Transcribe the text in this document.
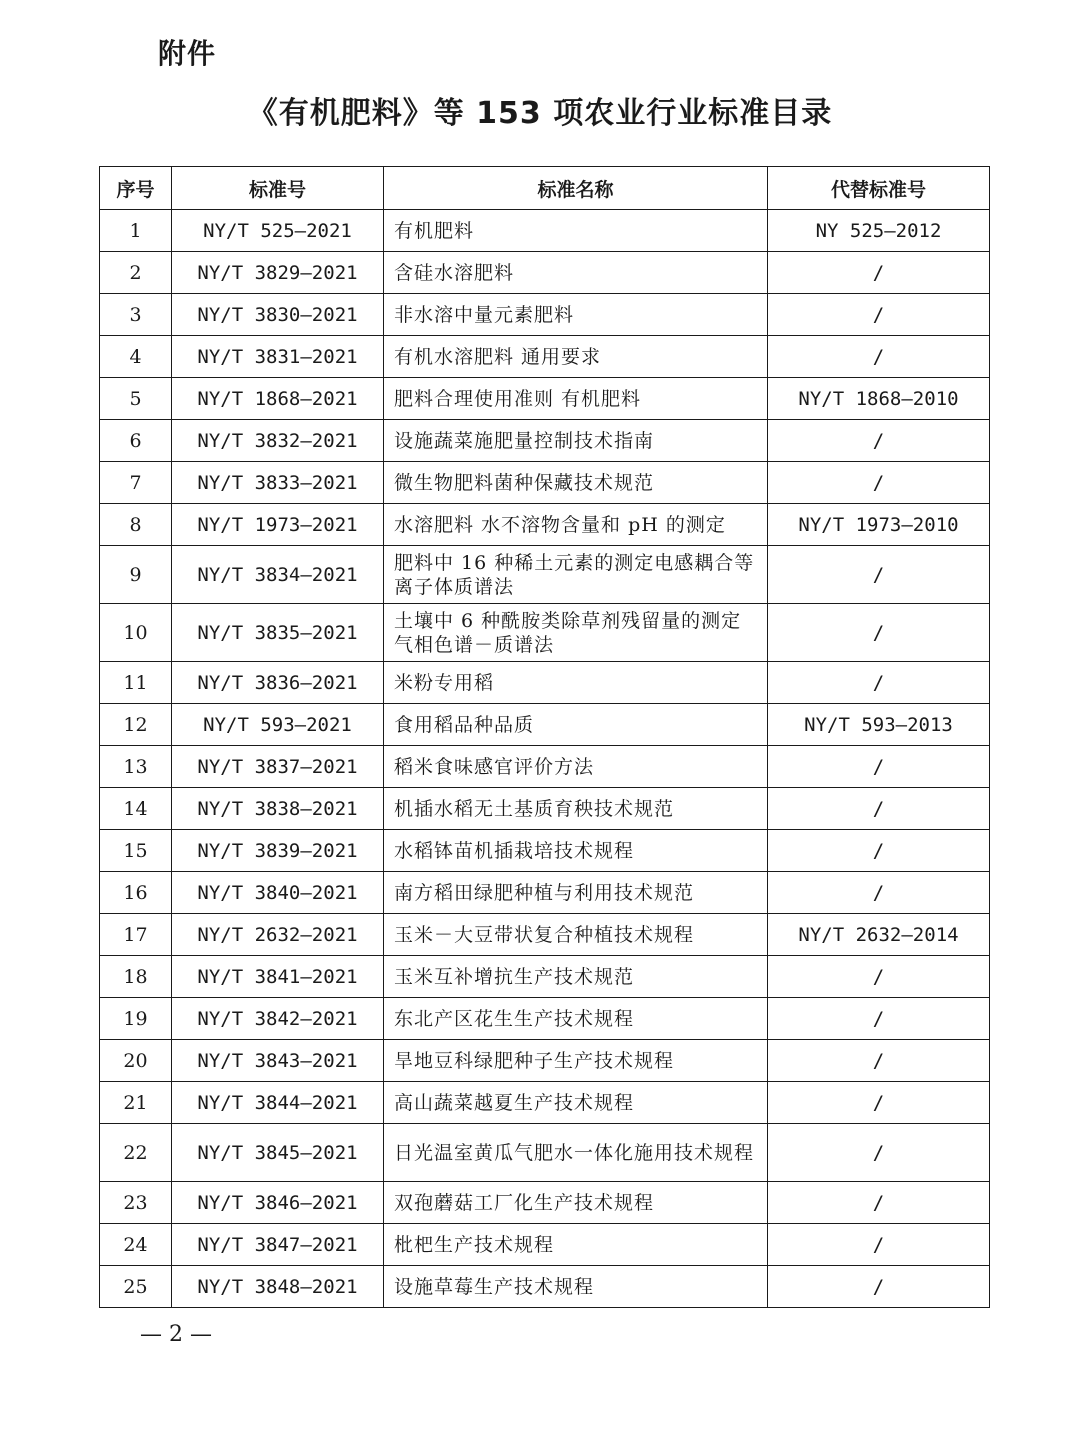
附件
《有机肥料》等 153 项农业行业标准目录
序号	标准号	标准名称	代替标准号
1	NY/T 525—2021	有机肥料	NY 525—2012
2	NY/T 3829—2021	含硅水溶肥料	/
3	NY/T 3830—2021	非水溶中量元素肥料	/
4	NY/T 3831—2021	有机水溶肥料 通用要求	/
5	NY/T 1868—2021	肥料合理使用准则 有机肥料	NY/T 1868—2010
6	NY/T 3832—2021	设施蔬菜施肥量控制技术指南	/
7	NY/T 3833—2021	微生物肥料菌种保藏技术规范	/
8	NY/T 1973—2021	水溶肥料 水不溶物含量和 pH 的测定	NY/T 1973—2010
9	NY/T 3834—2021	肥料中 16 种稀土元素的测定电感耦合等离子体质谱法	/
10	NY/T 3835—2021	土壤中 6 种酰胺类除草剂残留量的测定 气相色谱－质谱法	/
11	NY/T 3836—2021	米粉专用稻	/
12	NY/T 593—2021	食用稻品种品质	NY/T 593—2013
13	NY/T 3837—2021	稻米食味感官评价方法	/
14	NY/T 3838—2021	机插水稻无土基质育秧技术规范	/
15	NY/T 3839—2021	水稻钵苗机插栽培技术规程	/
16	NY/T 3840—2021	南方稻田绿肥种植与利用技术规范	/
17	NY/T 2632—2021	玉米－大豆带状复合种植技术规程	NY/T 2632—2014
18	NY/T 3841—2021	玉米互补增抗生产技术规范	/
19	NY/T 3842—2021	东北产区花生生产技术规程	/
20	NY/T 3843—2021	旱地豆科绿肥种子生产技术规程	/
21	NY/T 3844—2021	高山蔬菜越夏生产技术规程	/
22	NY/T 3845—2021	日光温室黄瓜气肥水一体化施用技术规程	/
23	NY/T 3846—2021	双孢蘑菇工厂化生产技术规程	/
24	NY/T 3847—2021	枇杷生产技术规程	/
25	NY/T 3848—2021	设施草莓生产技术规程	/
— 2 —
